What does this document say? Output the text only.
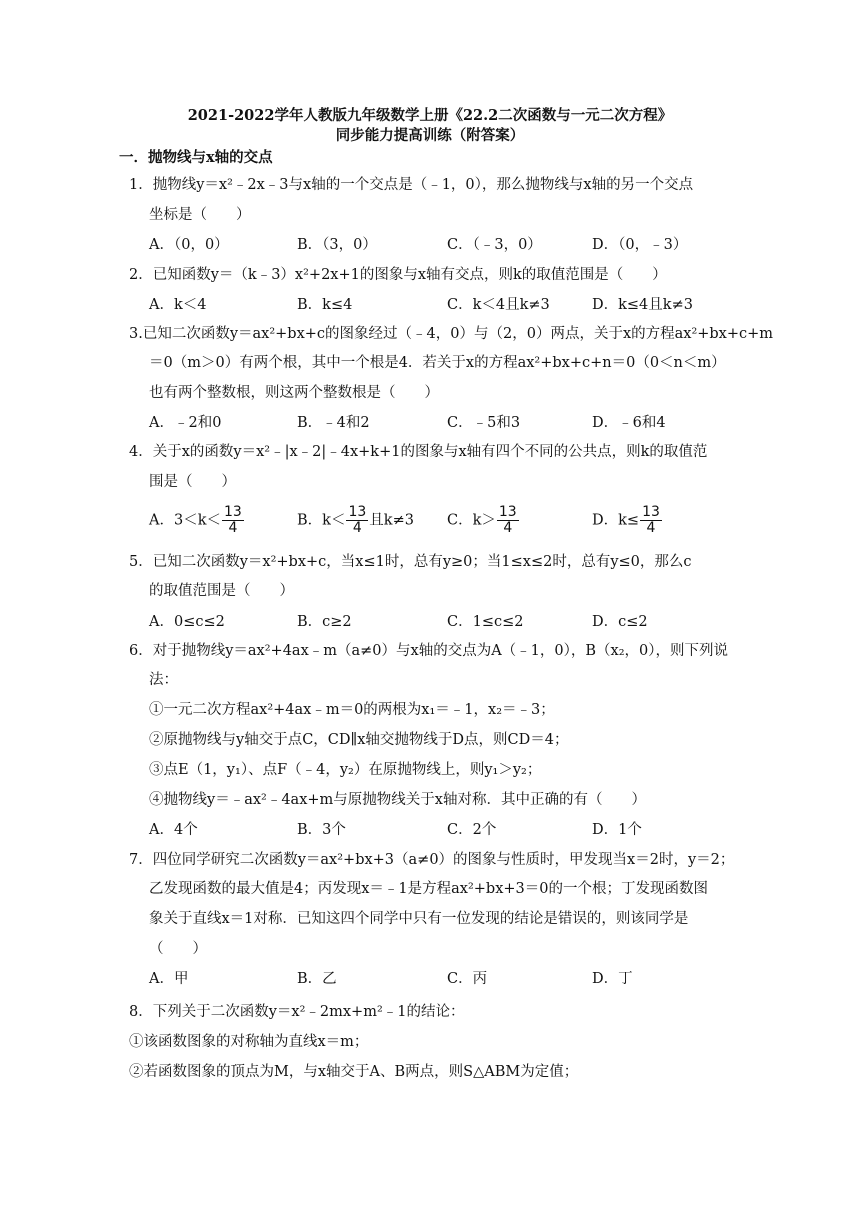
2021-2022学年人教版九年级数学上册《22.2二次函数与一元二次方程》
同步能力提高训练（附答案）
一．抛物线与x轴的交点
1．抛物线y＝x²﹣2x﹣3与x轴的一个交点是（﹣1，0），那么抛物线与x轴的另一个交点
坐标是（　　）
A．（0，0）	B．（3，0）	C．（﹣3，0）	D．（0，﹣3）
2．已知函数y＝（k﹣3）x²+2x+1的图象与x轴有交点，则k的取值范围是（　　）
A．k＜4	B．k≤4	C．k＜4且k≠3	D．k≤4且k≠3
3.已知二次函数y＝ax²+bx+c的图象经过（﹣4，0）与（2，0）两点，关于x的方程ax²+bx+c+m
＝0（m＞0）有两个根，其中一个根是4．若关于x的方程ax²+bx+c+n＝0（0＜n＜m）
也有两个整数根，则这两个整数根是（　　）
A．﹣2和0	B．﹣4和2	C．﹣5和3	D．﹣6和4
4．关于x的函数y＝x²﹣|x﹣2|﹣4x+k+1的图象与x轴有四个不同的公共点，则k的取值范
围是（　　）
A．$3<k< \frac{13}{4}$	B．$k< \frac{13}{4}$ 且k≠3 C．$k> \frac{13}{4}$	D．$k\le \frac{13}{4}$
5．已知二次函数y＝x²+bx+c，当x≤1时，总有y≥0；当1≤x≤2时，总有y≤0，那么c
的取值范围是（　　）
A．0≤c≤2	B．c≥2	C．1≤c≤2	D．c≤2
6．对于抛物线y＝ax²+4ax﹣m（a≠0）与x轴的交点为A（﹣1，0），B（x₂，0），则下列说
法：
①一元二次方程ax²+4ax﹣m＝0的两根为x₁＝﹣1，x₂＝﹣3；
②原抛物线与y轴交于点C，CD∥x轴交抛物线于D点，则CD＝4；
③点E（1，y₁）、点F（﹣4，y₂）在原抛物线上，则y₁＞y₂；
④抛物线y＝﹣ax²﹣4ax+m与原抛物线关于x轴对称．其中正确的有（　　）
A．4个	B．3个	C．2个	D．1个
7．四位同学研究二次函数y＝ax²+bx+3（a≠0）的图象与性质时，甲发现当x＝2时，y＝2；
乙发现函数的最大值是4；丙发现x＝﹣1是方程ax²+bx+3＝0的一个根；丁发现函数图
象关于直线x＝1对称．已知这四个同学中只有一位发现的结论是错误的，则该同学是
（　　）
A．甲	B．乙	C．丙	D．丁
8．下列关于二次函数y＝x²﹣2mx+m²﹣1的结论：
①该函数图象的对称轴为直线x＝m；
②若函数图象的顶点为M，与x轴交于A、B两点，则S△ABM为定值；
